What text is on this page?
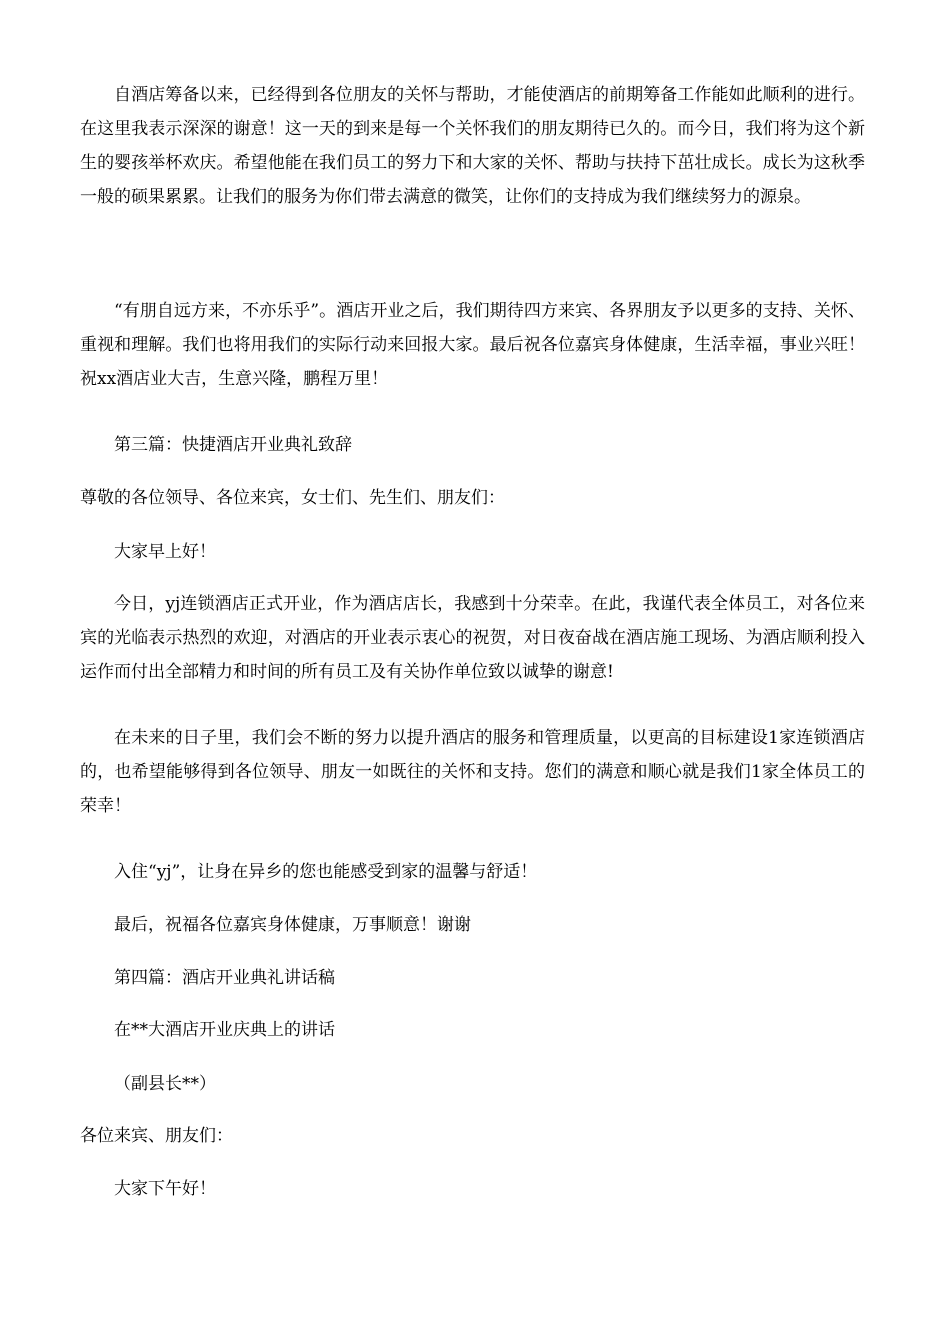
自酒店筹备以来，已经得到各位朋友的关怀与帮助，才能使酒店的前期筹备工作能如此顺利的进行。在这里我表示深深的谢意！这一天的到来是每一个关怀我们的朋友期待已久的。而今日，我们将为这个新生的婴孩举杯欢庆。希望他能在我们员工的努力下和大家的关怀、帮助与扶持下茁壮成长。成长为这秋季一般的硕果累累。让我们的服务为你们带去满意的微笑，让你们的支持成为我们继续努力的源泉。

“有朋自远方来，不亦乐乎”。酒店开业之后，我们期待四方来宾、各界朋友予以更多的支持、关怀、重视和理解。我们也将用我们的实际行动来回报大家。最后祝各位嘉宾身体健康，生活幸福，事业兴旺！祝xx酒店业大吉，生意兴隆，鹏程万里！

第三篇：快捷酒店开业典礼致辞

尊敬的各位领导、各位来宾，女士们、先生们、朋友们：

大家早上好！

今日，yj连锁酒店正式开业，作为酒店店长，我感到十分荣幸。在此，我谨代表全体员工，对各位来宾的光临表示热烈的欢迎，对酒店的开业表示衷心的祝贺，对日夜奋战在酒店施工现场、为酒店顺利投入运作而付出全部精力和时间的所有员工及有关协作单位致以诚挚的谢意!

在未来的日子里，我们会不断的努力以提升酒店的服务和管理质量，以更高的目标建设1家连锁酒店的，也希望能够得到各位领导、朋友一如既往的关怀和支持。您们的满意和顺心就是我们1家全体员工的荣幸！

入住“yj”，让身在异乡的您也能感受到家的温馨与舒适！

最后，祝福各位嘉宾身体健康，万事顺意！谢谢

第四篇：酒店开业典礼讲话稿

在**大酒店开业庆典上的讲话

（副县长**）

各位来宾、朋友们：

大家下午好！
